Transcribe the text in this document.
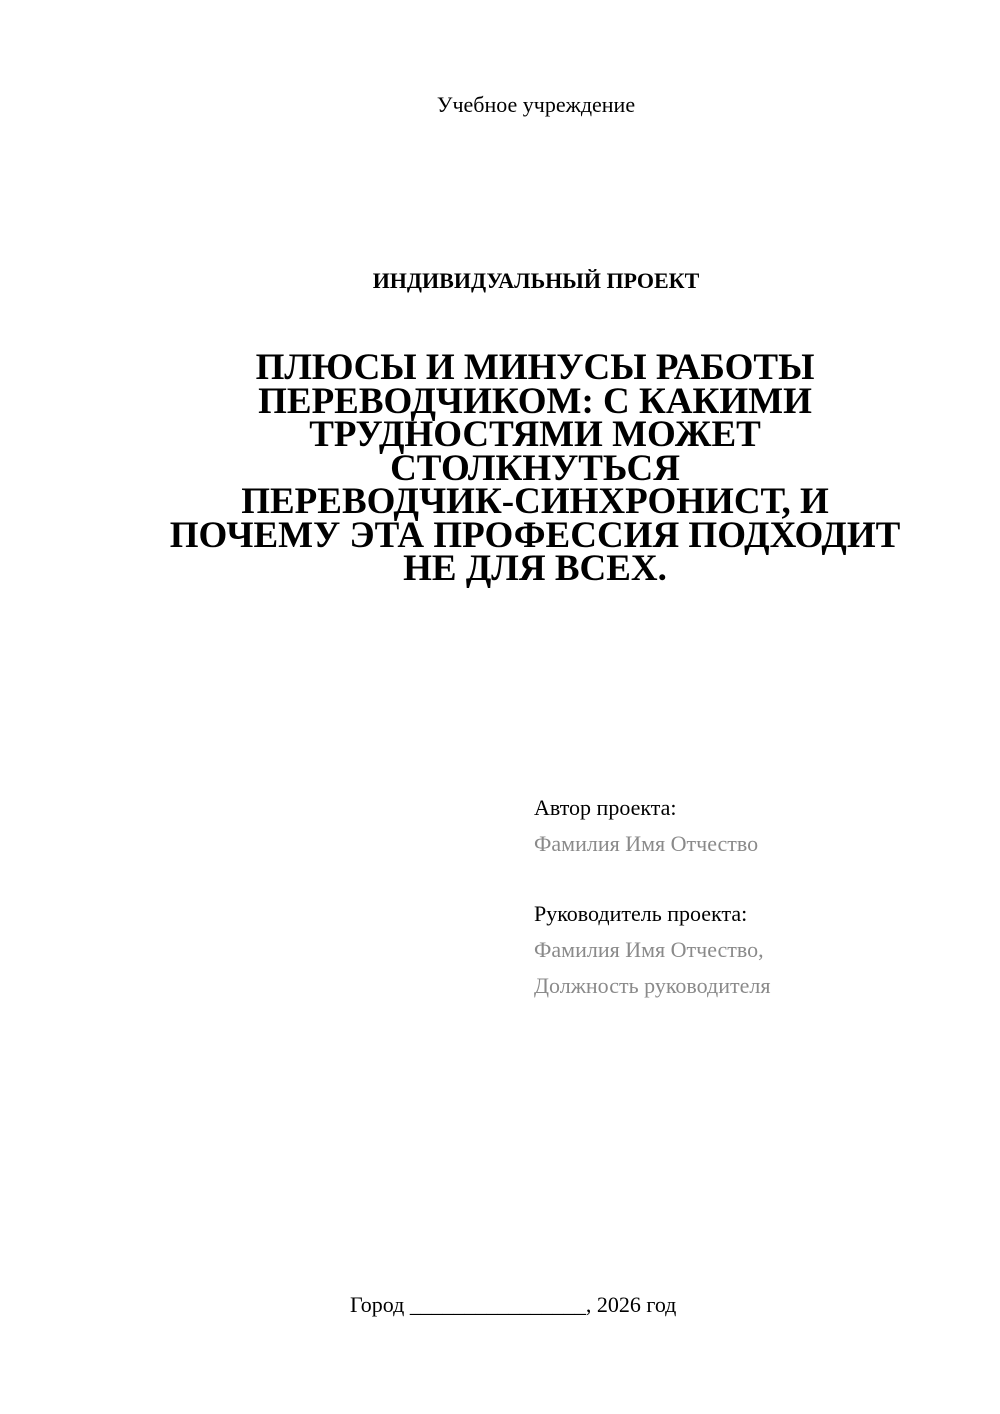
Учебное учреждение
ИНДИВИДУАЛЬНЫЙ ПРОЕКТ
ПЛЮСЫ И МИНУСЫ РАБОТЫ
ПЕРЕВОДЧИКОМ: С КАКИМИ
ТРУДНОСТЯМИ МОЖЕТ
СТОЛКНУТЬСЯ
ПЕРЕВОДЧИК-СИНХРОНИСТ, И
ПОЧЕМУ ЭТА ПРОФЕССИЯ ПОДХОДИТ
НЕ ДЛЯ ВСЕХ.
Автор проекта:
Фамилия Имя Отчество
Руководитель проекта:
Фамилия Имя Отчество,
Должность руководителя
Город ________________, 2026 год
